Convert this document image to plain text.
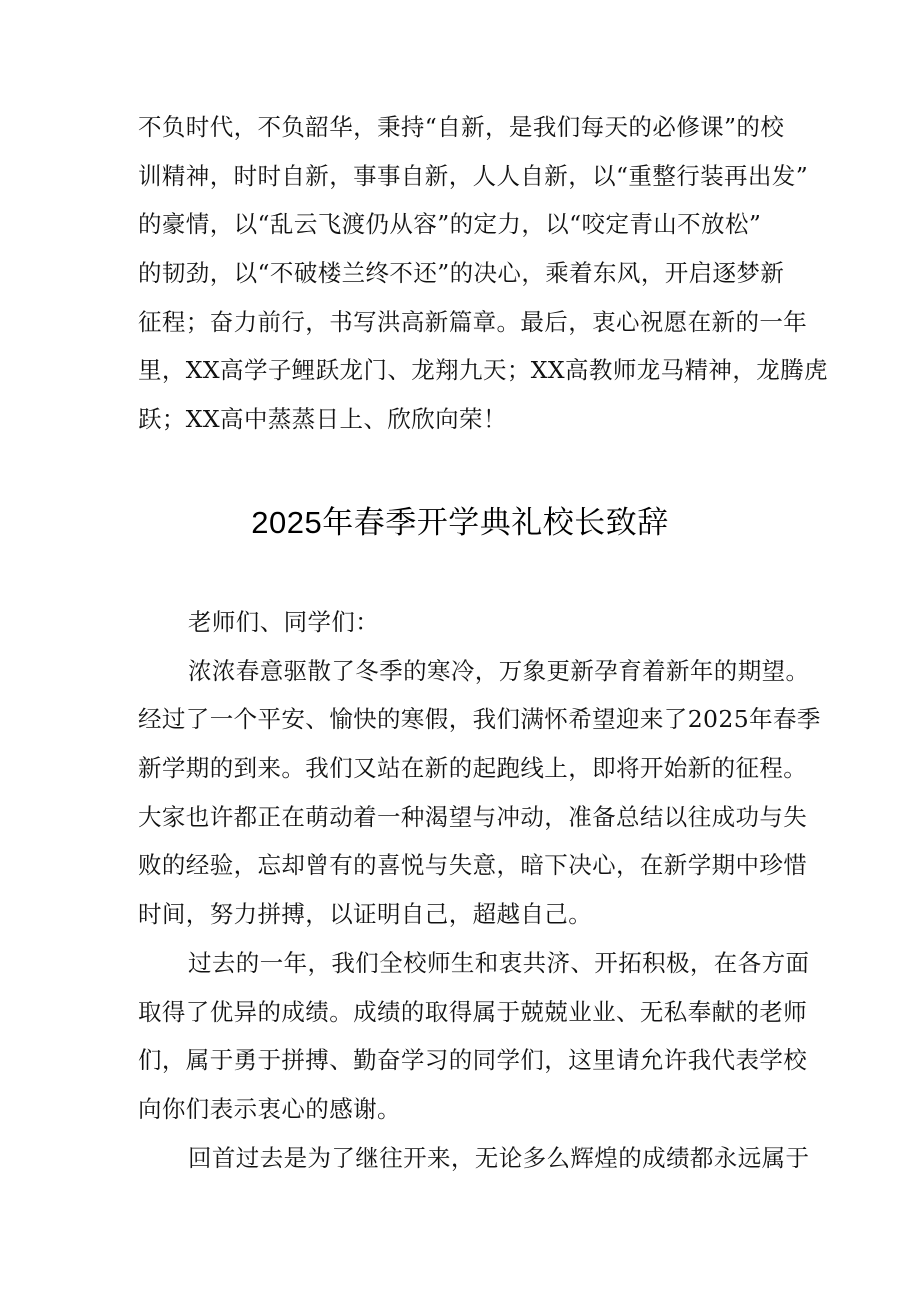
不负时代，不负韶华，秉持“自新，是我们每天的必修课”的校
训精神，时时自新，事事自新，人人自新，以“重整行装再出发”
的豪情，以“乱云飞渡仍从容”的定力，以“咬定青山不放松”
的韧劲，以“不破楼兰终不还”的决心，乘着东风，开启逐梦新
征程；奋力前行，书写洪高新篇章。最后，衷心祝愿在新的一年
里，XX高学子鲤跃龙门、龙翔九天；XX高教师龙马精神，龙腾虎
跃；XX高中蒸蒸日上、欣欣向荣！
2025年春季开学典礼校长致辞
老师们、同学们：
浓浓春意驱散了冬季的寒冷，万象更新孕育着新年的期望。
经过了一个平安、愉快的寒假，我们满怀希望迎来了2025年春季
新学期的到来。我们又站在新的起跑线上，即将开始新的征程。
大家也许都正在萌动着一种渴望与冲动，准备总结以往成功与失
败的经验，忘却曾有的喜悦与失意，暗下决心，在新学期中珍惜
时间，努力拼搏，以证明自己，超越自己。
过去的一年，我们全校师生和衷共济、开拓积极，在各方面
取得了优异的成绩。成绩的取得属于兢兢业业、无私奉献的老师
们，属于勇于拼搏、勤奋学习的同学们，这里请允许我代表学校
向你们表示衷心的感谢。
回首过去是为了继往开来，无论多么辉煌的成绩都永远属于
